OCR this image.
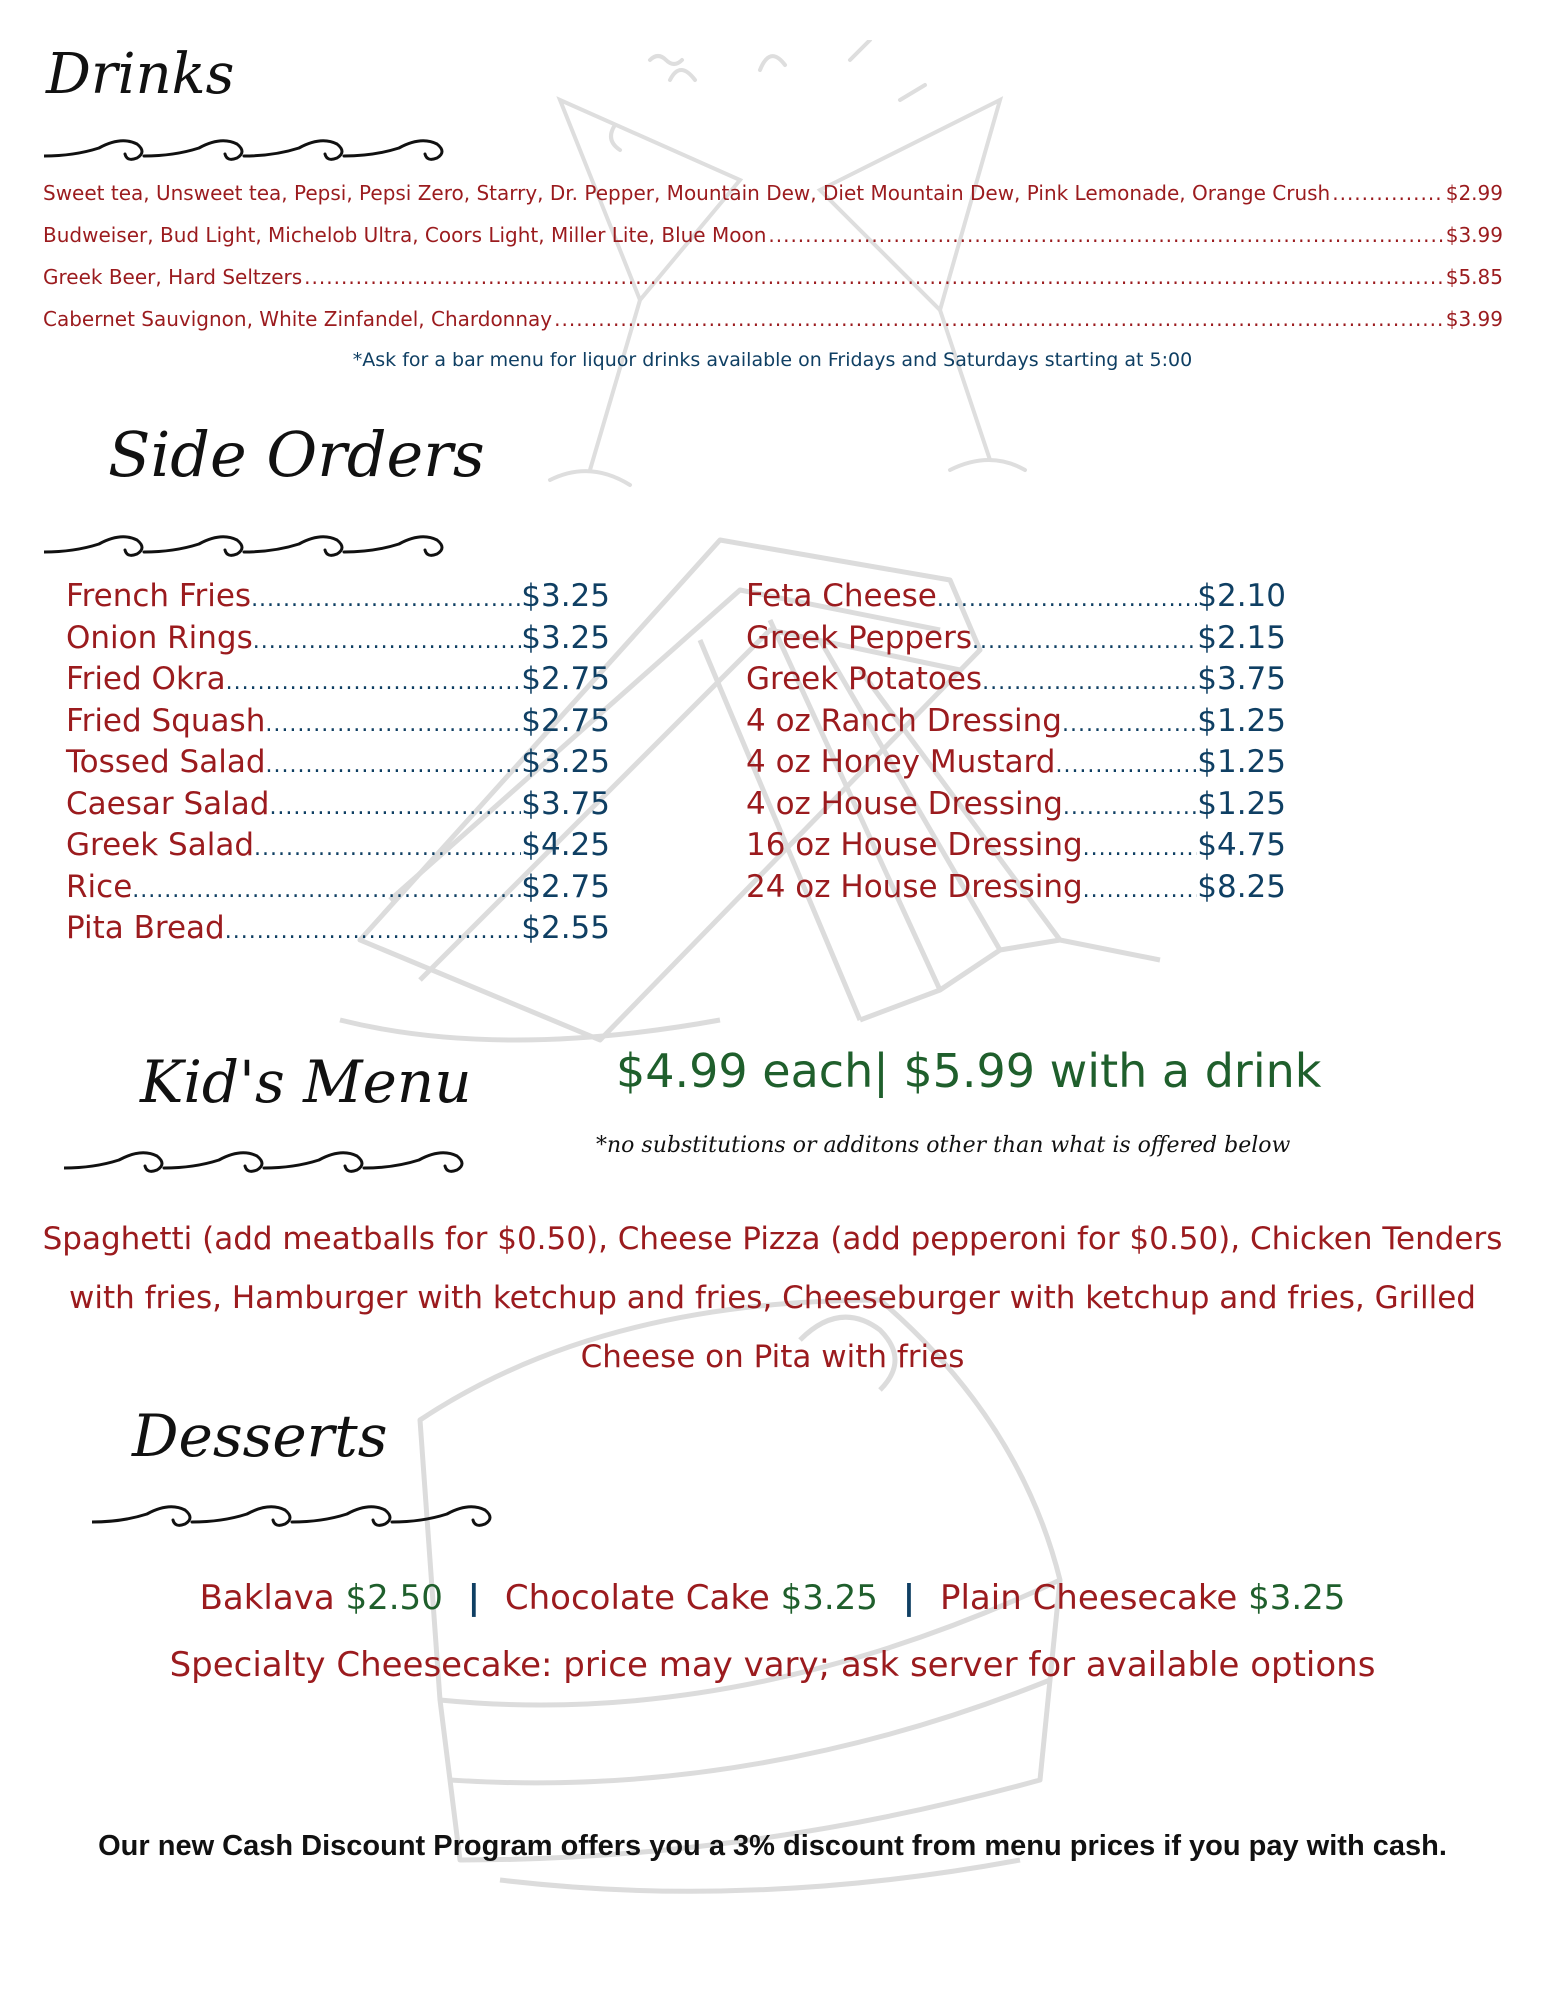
Drinks
Sweet tea, Unsweet tea, Pepsi, Pepsi Zero, Starry, Dr. Pepper, Mountain Dew, Diet Mountain Dew, Pink Lemonade, Orange Crush .....	$2.99
Budweiser, Bud Light, Michelob Ultra, Coors Light, Miller Lite, Blue Moon .....	$3.99
Greek Beer, Hard Seltzers .....	$5.85
Cabernet Sauvignon, White Zinfandel, Chardonnay .....	$3.99
*Ask for a bar menu for liquor drinks available on Fridays and Saturdays starting at 5:00
Side Orders
French Fries .....	$3.25
Onion Rings .....	$3.25
Fried Okra .....	$2.75
Fried Squash .....	$2.75
Tossed Salad .....	$3.25
Caesar Salad .....	$3.75
Greek Salad .....	$4.25
Rice .....	$2.75
Pita Bread .....	$2.55
Feta Cheese .....	$2.10
Greek Peppers .....	$2.15
Greek Potatoes .....	$3.75
4 oz Ranch Dressing .....	$1.25
4 oz Honey Mustard .....	$1.25
4 oz House Dressing .....	$1.25
16 oz House Dressing .....	$4.75
24 oz House Dressing .....	$8.25
Kid's Menu	$4.99 each| $5.99 with a drink
*no substitutions or additons other than what is offered below
Spaghetti (add meatballs for $0.50), Cheese Pizza (add pepperoni for $0.50), Chicken Tenders with fries, Hamburger with ketchup and fries, Cheeseburger with ketchup and fries, Grilled Cheese on Pita with fries
Desserts
Baklava $2.50 | Chocolate Cake $3.25 | Plain Cheesecake $3.25
Specialty Cheesecake: price may vary; ask server for available options
Our new Cash Discount Program offers you a 3% discount from menu prices if you pay with cash.
